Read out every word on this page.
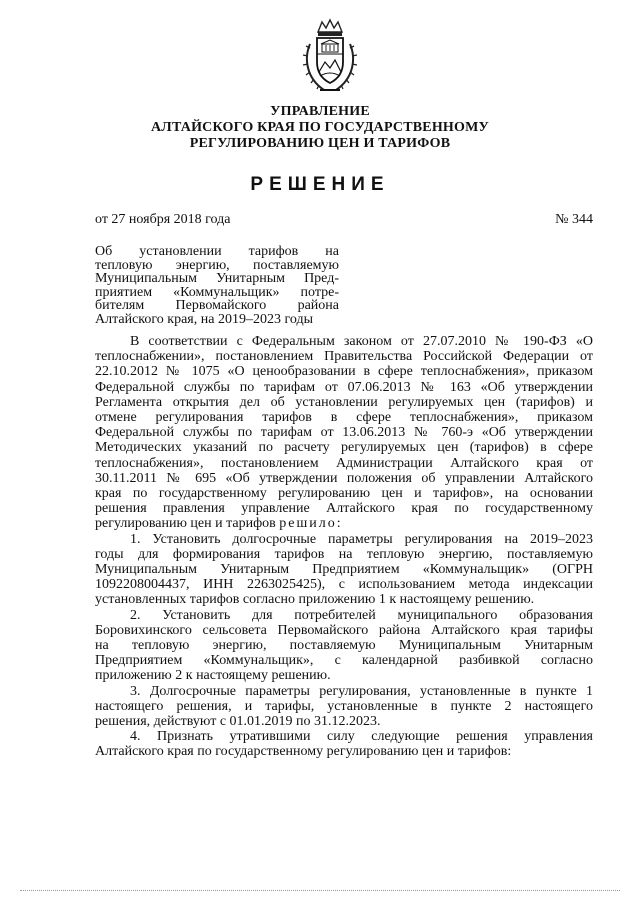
УПРАВЛЕНИЕ
АЛТАЙСКОГО КРАЯ ПО ГОСУДАРСТВЕННОМУ
РЕГУЛИРОВАНИЮ ЦЕН И ТАРИФОВ
РЕШЕНИЕ
от 27 ноября 2018 года	№ 344
Об установлении тарифов на
тепловую энергию, поставляемую
Муниципальным Унитарным Пред-
приятием «Коммунальщик» потре-
бителям Первомайского района
Алтайского края, на 2019–2023 годы
В соответствии с Федеральным законом от 27.07.2010 № 190-ФЗ «О
теплоснабжении», постановлением Правительства Российской Федерации от
22.10.2012 № 1075 «О ценообразовании в сфере теплоснабжения», приказом
Федеральной службы по тарифам от 07.06.2013 № 163 «Об утверждении
Регламента открытия дел об установлении регулируемых цен (тарифов) и
отмене регулирования тарифов в сфере теплоснабжения», приказом
Федеральной службы по тарифам от 13.06.2013 № 760-э «Об утверждении
Методических указаний по расчету регулируемых цен (тарифов) в сфере
теплоснабжения», постановлением Администрации Алтайского края от
30.11.2011 № 695 «Об утверждении положения об управлении Алтайского
края по государственному регулированию цен и тарифов», на основании
решения правления управление Алтайского края по государственному
регулированию цен и тарифов решило:
1. Установить долгосрочные параметры регулирования на 2019–2023
годы для формирования тарифов на тепловую энергию, поставляемую
Муниципальным Унитарным Предприятием «Коммунальщик» (ОГРН
1092208004437, ИНН 2263025425), с использованием метода индексации
установленных тарифов согласно приложению 1 к настоящему решению.
2. Установить для потребителей муниципального образования
Боровихинского сельсовета Первомайского района Алтайского края тарифы
на тепловую энергию, поставляемую Муниципальным Унитарным
Предприятием «Коммунальщик», с календарной разбивкой согласно
приложению 2 к настоящему решению.
3. Долгосрочные параметры регулирования, установленные в пункте 1
настоящего решения, и тарифы, установленные в пункте 2 настоящего
решения, действуют с 01.01.2019 по 31.12.2023.
4. Признать утратившими силу следующие решения управления
Алтайского края по государственному регулированию цен и тарифов:
